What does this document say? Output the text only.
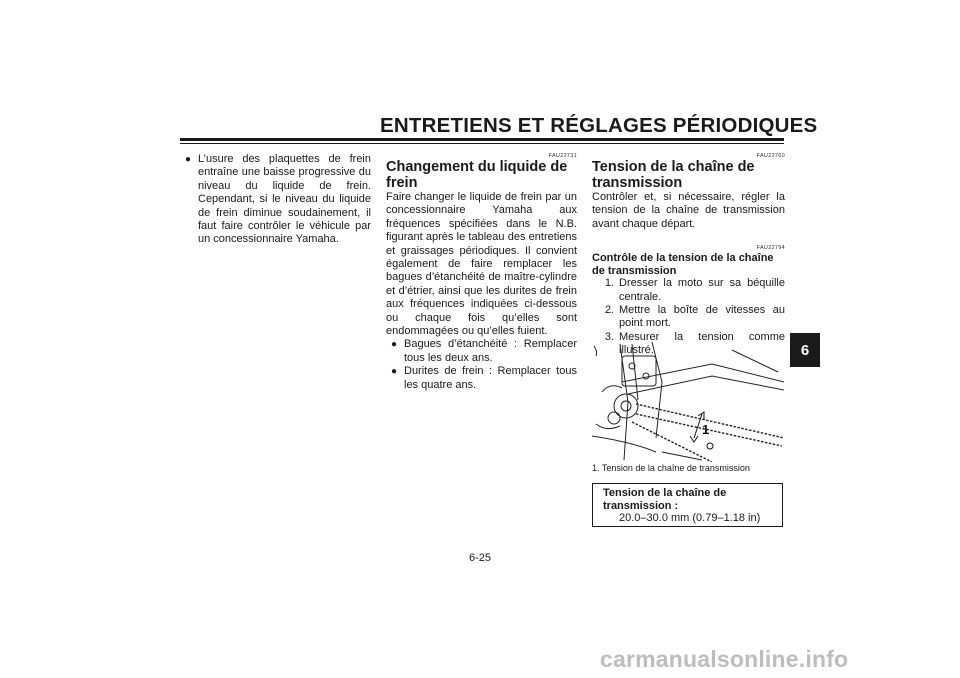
ENTRETIENS ET RÉGLAGES PÉRIODIQUES
6
● L’usure des plaquettes de frein entraîne une baisse progressive du niveau du liquide de frein. Cependant, si le niveau du liquide de frein diminue soudainement, il faut faire contrôler le véhicule par un concessionnaire Yamaha.
FAU22731
Changement du liquide de frein

Faire changer le liquide de frein par un concessionnaire Yamaha aux fréquences spécifiées dans le N.B. figurant après le tableau des entretiens et graissages périodiques. Il convient également de faire remplacer les bagues d’étanchéité de maître-cylindre et d’étrier, ainsi que les durites de frein aux fréquences indiquées ci-dessous ou chaque fois qu’elles sont endommagées ou qu’elles fuient.

● Bagues d’étanchéité : Remplacer tous les deux ans.
● Durites de frein : Remplacer tous les quatre ans.
FAU22760
Tension de la chaîne de transmission

Contrôler et, si nécessaire, régler la tension de la chaîne de transmission avant chaque départ.

FAU22794
Contrôle de la tension de la chaîne de transmission
1. Dresser la moto sur sa béquille centrale.
2. Mettre la boîte de vitesses au point mort.
3. Mesurer la tension comme illustré.
1
1. Tension de la chaîne de transmission
Tension de la chaîne de transmission :
20.0–30.0 mm (0.79–1.18 in)
6-25
carmanualsonline.info
